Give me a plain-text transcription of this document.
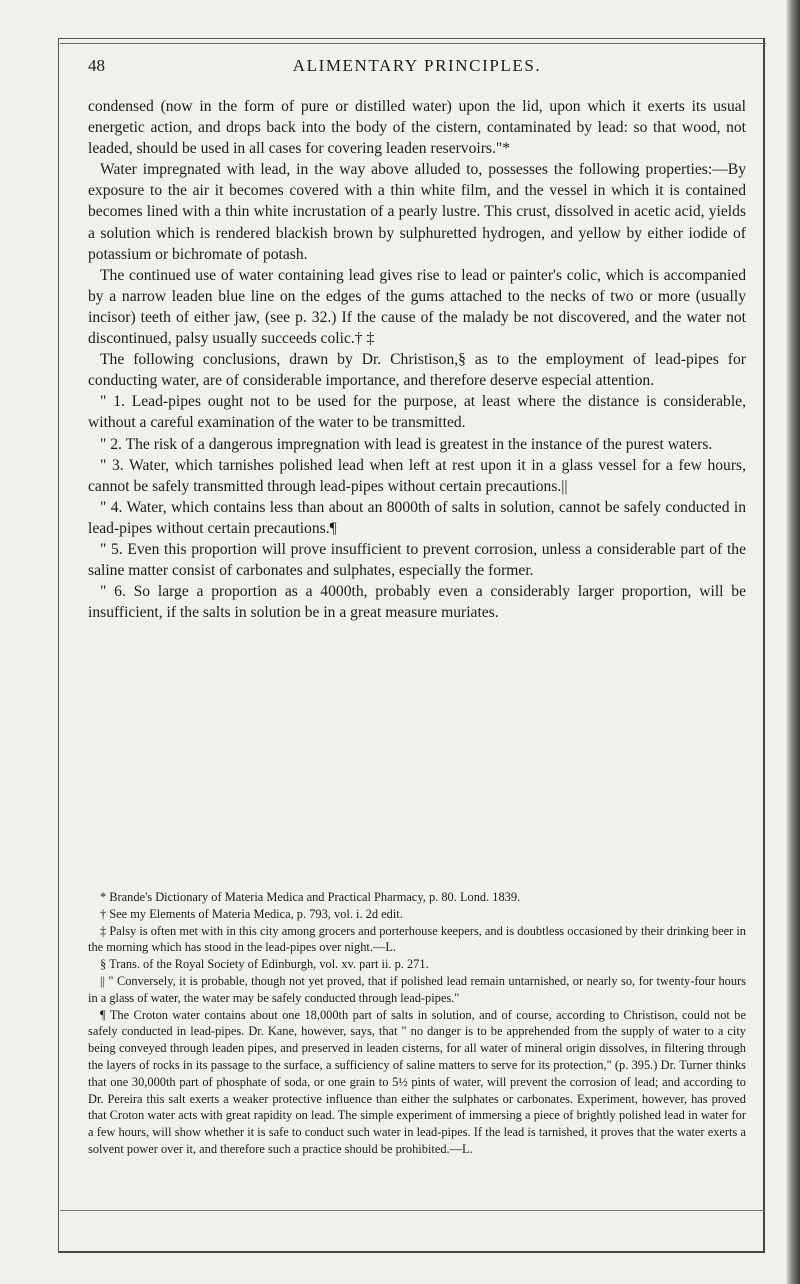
48	ALIMENTARY PRINCIPLES.

condensed (now in the form of pure or distilled water) upon the lid, upon which it exerts its usual energetic action, and drops back into the body of the cistern, contaminated by lead: so that wood, not leaded, should be used in all cases for covering leaden reservoirs."*

Water impregnated with lead, in the way above alluded to, possesses the following properties:—By exposure to the air it becomes covered with a thin white film, and the vessel in which it is contained becomes lined with a thin white incrustation of a pearly lustre. This crust, dissolved in acetic acid, yields a solution which is rendered blackish brown by sulphuretted hydrogen, and yellow by either iodide of potassium or bichromate of potash.

The continued use of water containing lead gives rise to lead or painter's colic, which is accompanied by a narrow leaden blue line on the edges of the gums attached to the necks of two or more (usually incisor) teeth of either jaw, (see p. 32.) If the cause of the malady be not discovered, and the water not discontinued, palsy usually succeeds colic.† ‡

The following conclusions, drawn by Dr. Christison,§ as to the employment of lead-pipes for conducting water, are of considerable importance, and therefore deserve especial attention.

" 1. Lead-pipes ought not to be used for the purpose, at least where the distance is considerable, without a careful examination of the water to be transmitted.

" 2. The risk of a dangerous impregnation with lead is greatest in the instance of the purest waters.

" 3. Water, which tarnishes polished lead when left at rest upon it in a glass vessel for a few hours, cannot be safely transmitted through lead-pipes without certain precautions.||

" 4. Water, which contains less than about an 8000th of salts in solution, cannot be safely conducted in lead-pipes without certain precautions.¶

" 5. Even this proportion will prove insufficient to prevent corrosion, unless a considerable part of the saline matter consist of carbonates and sulphates, especially the former.

" 6. So large a proportion as a 4000th, probably even a considerably larger proportion, will be insufficient, if the salts in solution be in a great measure muriates.

* Brande's Dictionary of Materia Medica and Practical Pharmacy, p. 80. Lond. 1839.

† See my Elements of Materia Medica, p. 793, vol. i. 2d edit.

‡ Palsy is often met with in this city among grocers and porterhouse keepers, and is doubtless occasioned by their drinking beer in the morning which has stood in the lead-pipes over night.—L.

§ Trans. of the Royal Society of Edinburgh, vol. xv. part ii. p. 271.

|| " Conversely, it is probable, though not yet proved, that if polished lead remain untarnished, or nearly so, for twenty-four hours in a glass of water, the water may be safely conducted through lead-pipes."

¶ The Croton water contains about one 18,000th part of salts in solution, and of course, according to Christison, could not be safely conducted in lead-pipes. Dr. Kane, however, says, that " no danger is to be apprehended from the supply of water to a city being conveyed through leaden pipes, and preserved in leaden cisterns, for all water of mineral origin dissolves, in filtering through the layers of rocks in its passage to the surface, a sufficiency of saline matters to serve for its protection," (p. 395.) Dr. Turner thinks that one 30,000th part of phosphate of soda, or one grain to 5½ pints of water, will prevent the corrosion of lead; and according to Dr. Pereira this salt exerts a weaker protective influence than either the sulphates or carbonates. Experiment, however, has proved that Croton water acts with great rapidity on lead. The simple experiment of immersing a piece of brightly polished lead in water for a few hours, will show whether it is safe to conduct such water in lead-pipes. If the lead is tarnished, it proves that the water exerts a solvent power over it, and therefore such a practice should be prohibited.—L.
